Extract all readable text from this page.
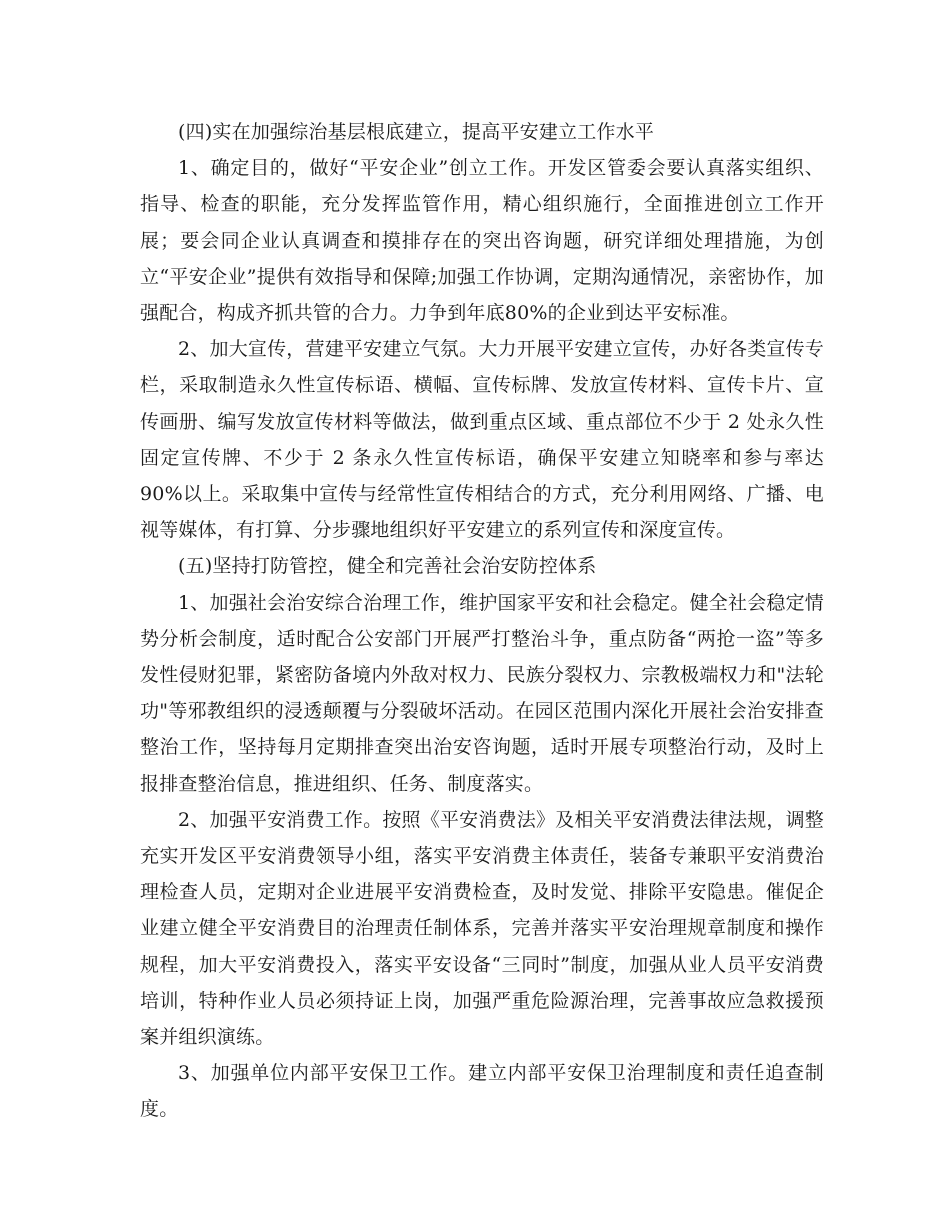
(四)实在加强综治基层根底建立，提高平安建立工作水平

1、确定目的，做好“平安企业”创立工作。开发区管委会要认真落实组织、指导、检查的职能，充分发挥监管作用，精心组织施行，全面推进创立工作开展；要会同企业认真调查和摸排存在的突出咨询题，研究详细处理措施，为创立“平安企业”提供有效指导和保障;加强工作协调，定期沟通情况，亲密协作，加强配合，构成齐抓共管的合力。力争到年底80%的企业到达平安标准。

2、加大宣传，营建平安建立气氛。大力开展平安建立宣传，办好各类宣传专栏，采取制造永久性宣传标语、横幅、宣传标牌、发放宣传材料、宣传卡片、宣传画册、编写发放宣传材料等做法，做到重点区域、重点部位不少于 2 处永久性固定宣传牌、不少于 2 条永久性宣传标语，确保平安建立知晓率和参与率达 90%以上。采取集中宣传与经常性宣传相结合的方式，充分利用网络、广播、电视等媒体，有打算、分步骤地组织好平安建立的系列宣传和深度宣传。

(五)坚持打防管控，健全和完善社会治安防控体系

1、加强社会治安综合治理工作，维护国家平安和社会稳定。健全社会稳定情势分析会制度，适时配合公安部门开展严打整治斗争，重点防备“两抢一盗”等多发性侵财犯罪，紧密防备境内外敌对权力、民族分裂权力、宗教极端权力和"法轮功"等邪教组织的浸透颠覆与分裂破坏活动。在园区范围内深化开展社会治安排查整治工作，坚持每月定期排查突出治安咨询题，适时开展专项整治行动，及时上报排查整治信息，推进组织、任务、制度落实。

2、加强平安消费工作。按照《平安消费法》及相关平安消费法律法规，调整充实开发区平安消费领导小组，落实平安消费主体责任，装备专兼职平安消费治理检查人员，定期对企业进展平安消费检查，及时发觉、排除平安隐患。催促企业建立健全平安消费目的治理责任制体系，完善并落实平安治理规章制度和操作规程，加大平安消费投入，落实平安设备“三同时”制度，加强从业人员平安消费培训，特种作业人员必须持证上岗，加强严重危险源治理，完善事故应急救援预案并组织演练。

3、加强单位内部平安保卫工作。建立内部平安保卫治理制度和责任追查制度。
